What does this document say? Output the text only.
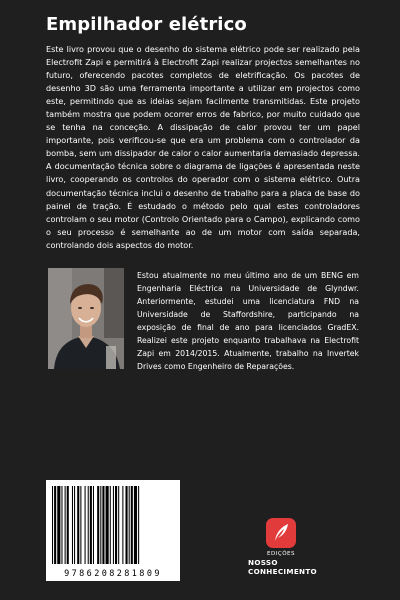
Empilhador elétrico
Este livro provou que o desenho do sistema elétrico pode ser realizado pela Electrofit Zapi e permitirá à Electrofit Zapi realizar projectos semelhantes no futuro, oferecendo pacotes completos de eletrificação. Os pacotes de desenho 3D são uma ferramenta importante a utilizar em projectos como este, permitindo que as ideias sejam facilmente transmitidas. Este projeto também mostra que podem ocorrer erros de fabrico, por muito cuidado que se tenha na conceção. A dissipação de calor provou ter um papel importante, pois verificou-se que era um problema com o controlador da bomba, sem um dissipador de calor o calor aumentaria demasiado depressa. A documentação técnica sobre o diagrama de ligações é apresentada neste livro, cooperando os controlos do operador com o sistema elétrico. Outra documentação técnica inclui o desenho de trabalho para a placa de base do painel de tração. É estudado o método pelo qual estes controladores controlam o seu motor (Controlo Orientado para o Campo), explicando como o seu processo é semelhante ao de um motor com saída separada, controlando dois aspectos do motor.
Estou atualmente no meu último ano de um BENG em Engenharia Eléctrica na Universidade de Glyndwr. Anteriormente, estudei uma licenciatura FND na Universidade de Staffordshire, participando na exposição de final de ano para licenciados GradEX. Realizei este projeto enquanto trabalhava na Electrofit Zapi em 2014/2015. Atualmente, trabalho na Invertek Drives como Engenheiro de Reparações.
9786208281809
EDIÇÕES
NOSSO CONHECIMENTO
